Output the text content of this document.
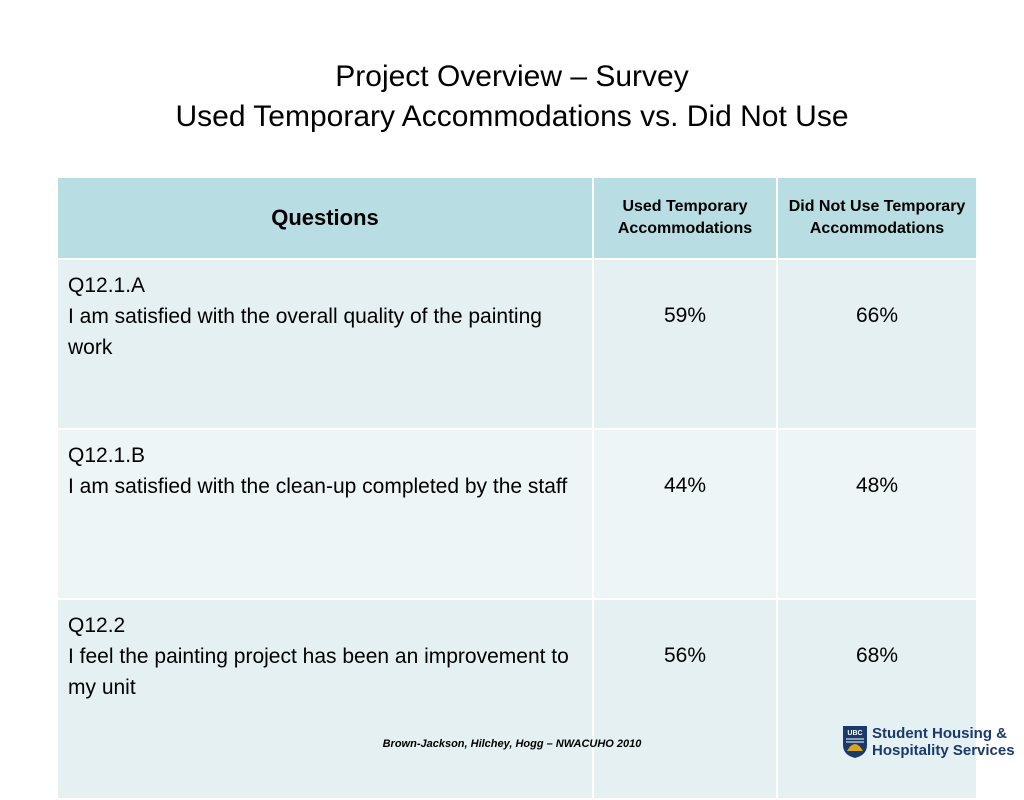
Project Overview – Survey
Used Temporary Accommodations vs. Did Not Use
Questions	Used Temporary Accommodations	Did Not Use Temporary Accommodations

Q12.1.A
I am satisfied with the overall quality of the painting work	59%	66%

Q12.1.B
I am satisfied with the clean-up completed by the staff	44%	48%

Q12.2
I feel the painting project has been an improvement to my unit	56%	68%
Brown-Jackson, Hilchey, Hogg – NWACUHO 2010
UBC Student Housing &
Hospitality Services
